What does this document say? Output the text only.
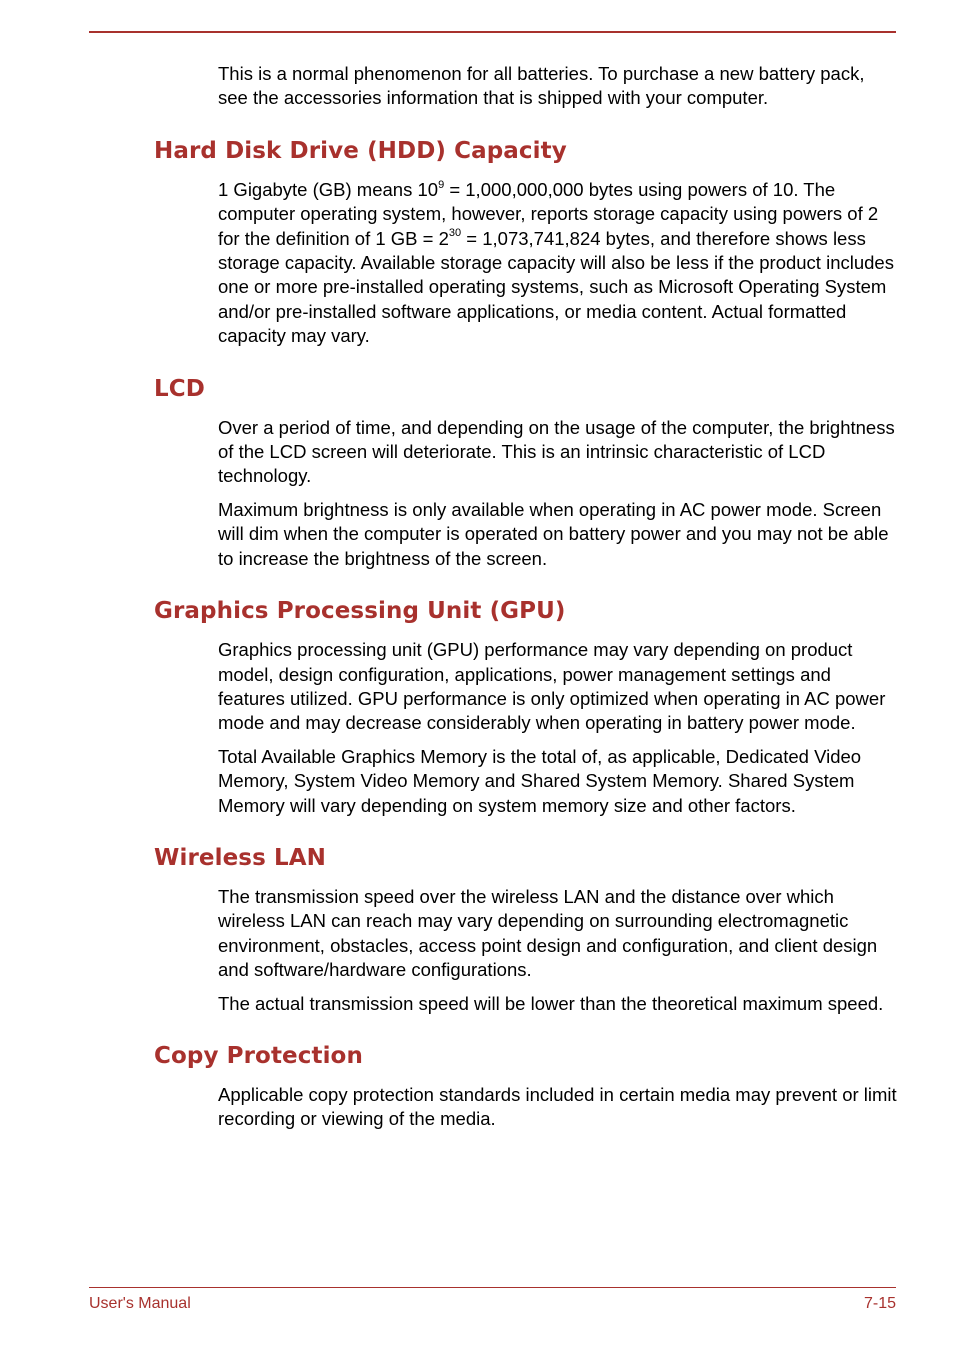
This is a normal phenomenon for all batteries. To purchase a new battery pack, see the accessories information that is shipped with your computer.

Hard Disk Drive (HDD) Capacity

1 Gigabyte (GB) means $10^9 = 1,000,000,000$ bytes using powers of 10. The computer operating system, however, reports storage capacity using powers of 2 for the definition of 1 GB = $2^{30} = 1,073,741,824$ bytes, and therefore shows less storage capacity. Available storage capacity will also be less if the product includes one or more pre-installed operating systems, such as Microsoft Operating System and/or pre-installed software applications, or media content. Actual formatted capacity may vary.

LCD

Over a period of time, and depending on the usage of the computer, the brightness of the LCD screen will deteriorate. This is an intrinsic characteristic of LCD technology.

Maximum brightness is only available when operating in AC power mode. Screen will dim when the computer is operated on battery power and you may not be able to increase the brightness of the screen.

Graphics Processing Unit (GPU)

Graphics processing unit (GPU) performance may vary depending on product model, design configuration, applications, power management settings and features utilized. GPU performance is only optimized when operating in AC power mode and may decrease considerably when operating in battery power mode.

Total Available Graphics Memory is the total of, as applicable, Dedicated Video Memory, System Video Memory and Shared System Memory. Shared System Memory will vary depending on system memory size and other factors.

Wireless LAN

The transmission speed over the wireless LAN and the distance over which wireless LAN can reach may vary depending on surrounding electromagnetic environment, obstacles, access point design and configuration, and client design and software/hardware configurations.

The actual transmission speed will be lower than the theoretical maximum speed.

Copy Protection

Applicable copy protection standards included in certain media may prevent or limit recording or viewing of the media.

User's Manual	7-15
